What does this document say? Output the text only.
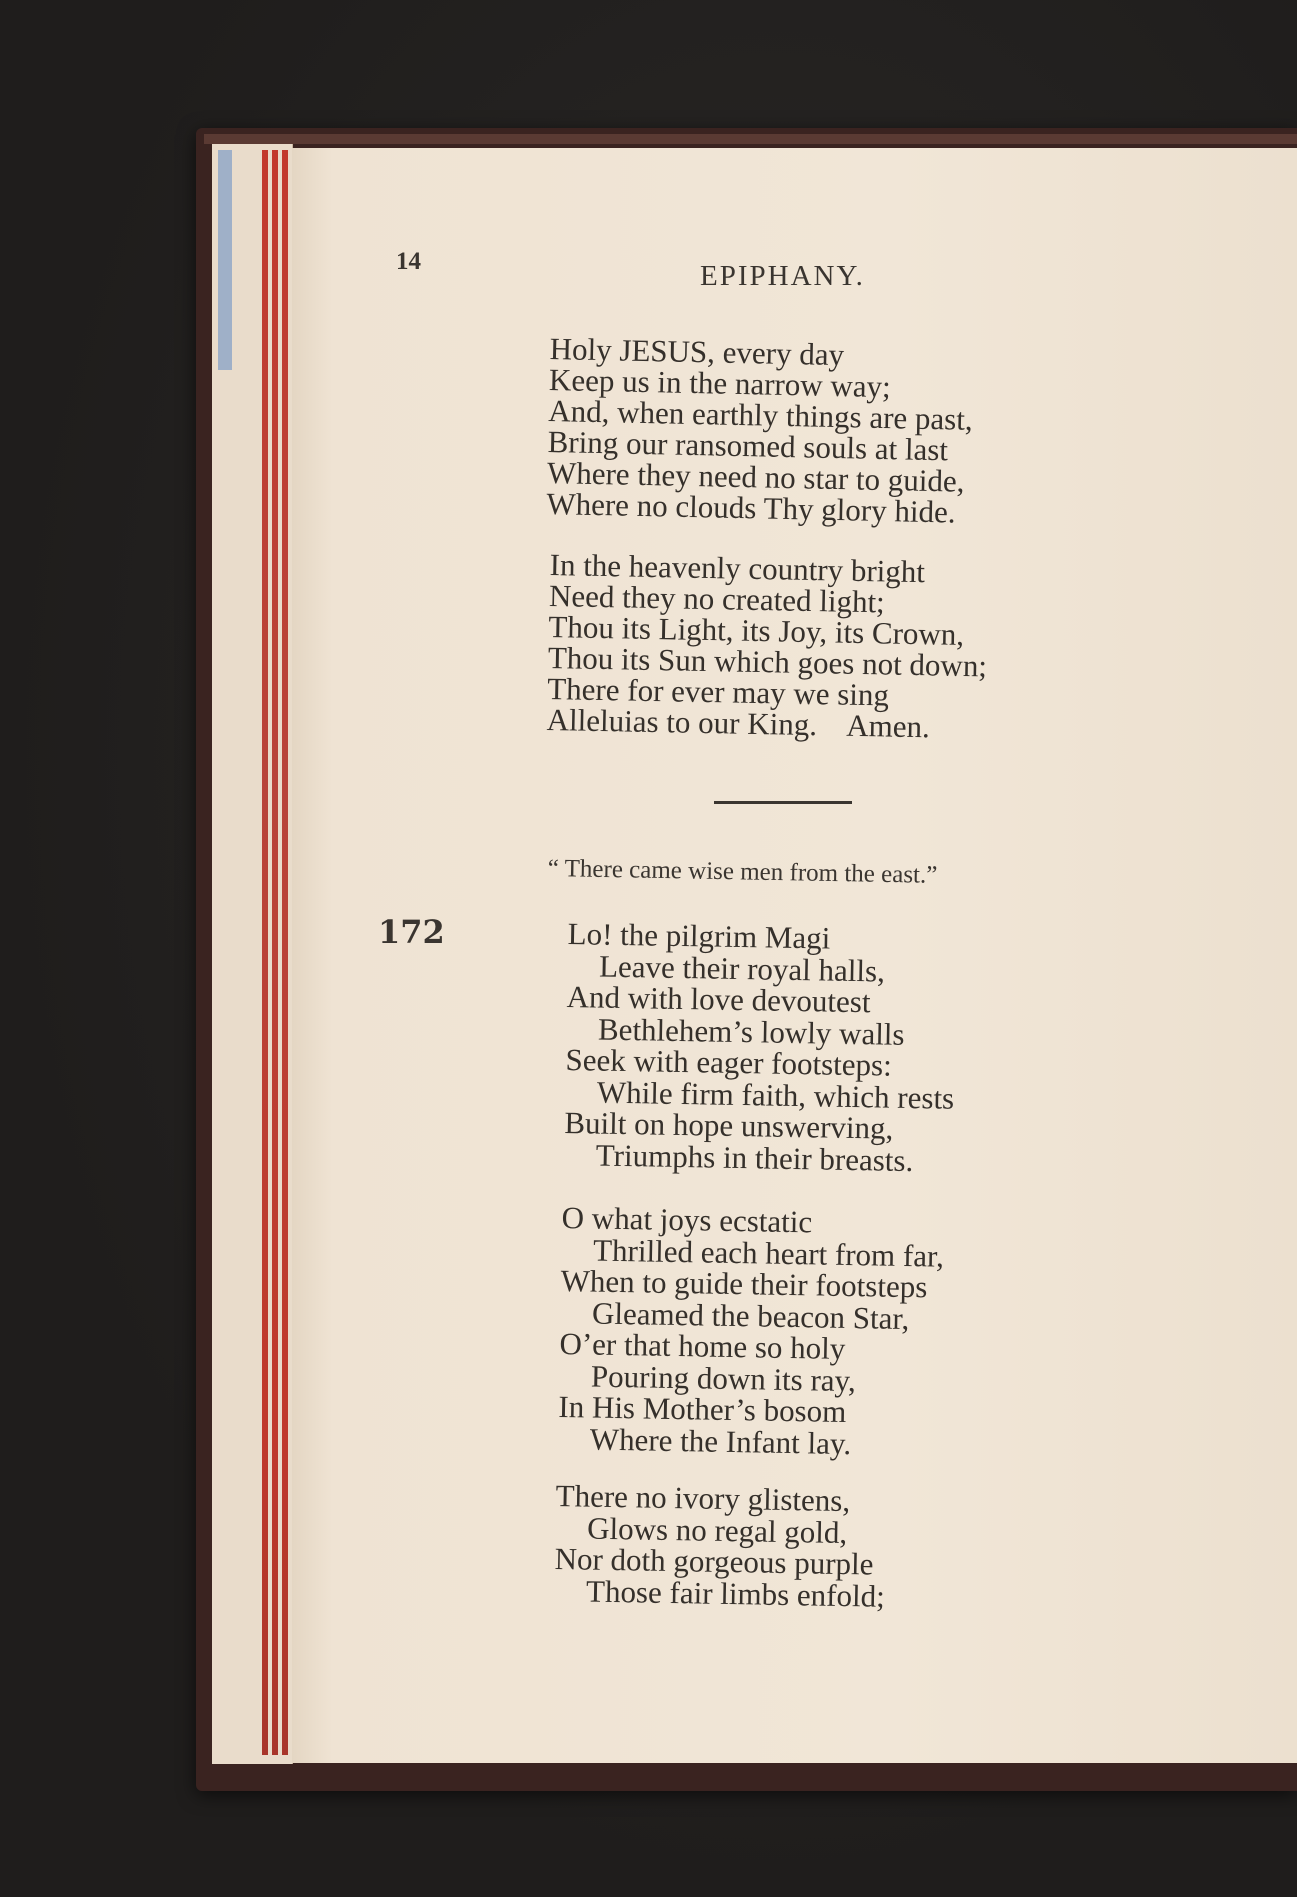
14	EPIPHANY.
Holy JESUS, every day
Keep us in the narrow way;
And, when earthly things are past,
Bring our ransomed souls at last
Where they need no star to guide,
Where no clouds Thy glory hide.
In the heavenly country bright
Need they no created light;
Thou its Light, its Joy, its Crown,
Thou its Sun which goes not down;
There for ever may we sing
Alleluias to our King.    Amen.
“ There came wise men from the east.”
172	Lo! the pilgrim Magi
Leave their royal halls,
And with love devoutest
Bethlehem’s lowly walls
Seek with eager footsteps:
While firm faith, which rests
Built on hope unswerving,
Triumphs in their breasts.
O what joys ecstatic
Thrilled each heart from far,
When to guide their footsteps
Gleamed the beacon Star,
O’er that home so holy
Pouring down its ray,
In His Mother’s bosom
Where the Infant lay.
There no ivory glistens,
Glows no regal gold,
Nor doth gorgeous purple
Those fair limbs enfold;
